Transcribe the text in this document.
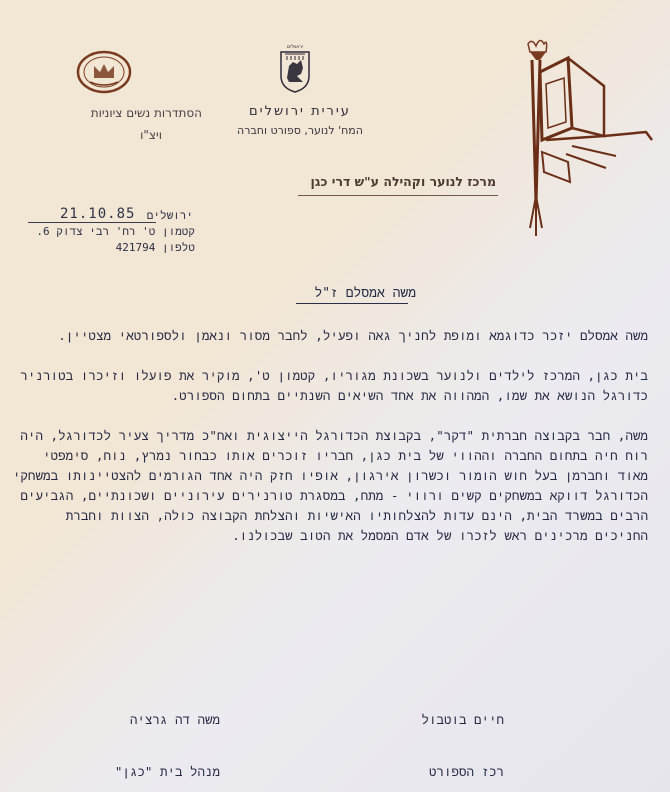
הסתדרות נשים ציוניות
ויצ"ו
ירושלים
עירית ירושלים
המח' לנוער, ספורט וחברה
מרכז לנוער וקהילה ע"ש דרי כגן
21.10.85 ירושלים
קטמון ט' רח' רבי צדוק 6.
טלפון 421794
משה אמסלם ז"ל

משה אמסלם יזכר כדוגמא ומופת לחניך גאה ופעיל, לחבר מסור ונאמן ולספורטאי מצטיין.

בית כגן, המרכז לילדים ולנוער בשכונת מגוריו, קטמון ט', מוקיר את פועלו וזיכרו בטורניר כדורגל הנושא את שמו, המהווה את אחד השיאים השנתיים בתחום הספורט.

משה, חבר בקבוצה חברתית "דקר", בקבוצת הכדורגל הייצוגית ואח"כ מדריך צעיר לכדורגל, היה רוח חיה בתחום החברה וההווי של בית כגן, חבריו זוכרים אותו כבחור נמרץ, נוח, סימפטי מאוד וחברמן בעל חוש הומור וכשרון אירגון, אופיו חזק היה אחד הגורמים להצטיינותו במשחקי הכדורגל דווקא במשחקים קשים ורווי - מתח, במסגרת טורנירים עירוניים ושכונתיים, הגביעים הרבים במשרד הבית, הינם עדות להצלחותיו האישיות והצלחת הקבוצה כולה, הצוות וחברת החניכים מרכינים ראש לזכרו של אדם המסמל את הטוב שבכולנו.

חיים בוטבול
משה דה גרציה
רכז הספורט
מנהל בית "כגן"
